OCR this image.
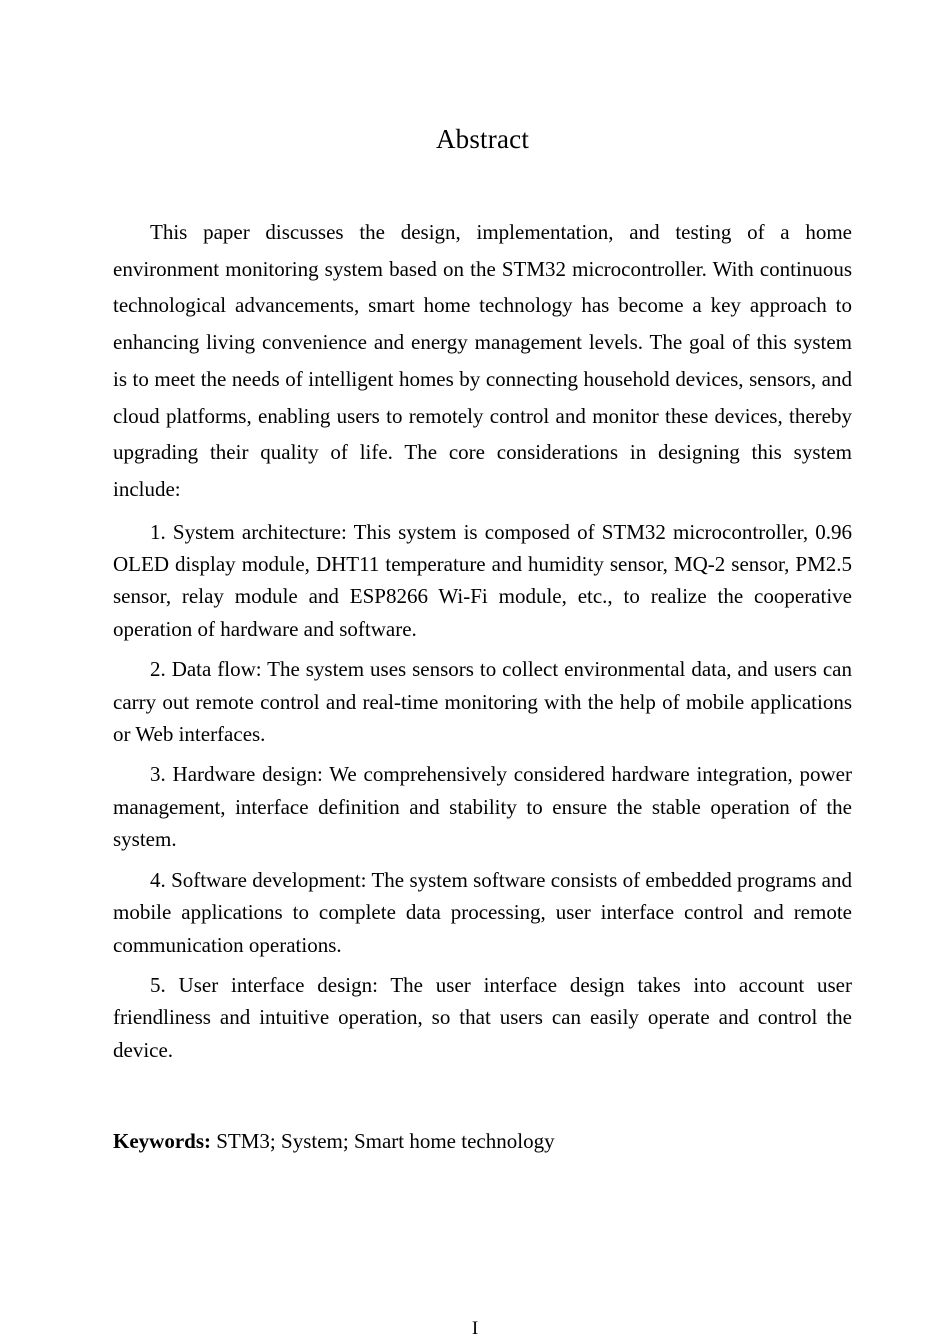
Abstract

This paper discusses the design, implementation, and testing of a home environment monitoring system based on the STM32 microcontroller. With continuous technological advancements, smart home technology has become a key approach to enhancing living convenience and energy management levels. The goal of this system is to meet the needs of intelligent homes by connecting household devices, sensors, and cloud platforms, enabling users to remotely control and monitor these devices, thereby upgrading their quality of life. The core considerations in designing this system include:

1. System architecture: This system is composed of STM32 microcontroller, 0.96 OLED display module, DHT11 temperature and humidity sensor, MQ-2 sensor, PM2.5 sensor, relay module and ESP8266 Wi-Fi module, etc., to realize the cooperative operation of hardware and software.

2. Data flow: The system uses sensors to collect environmental data, and users can carry out remote control and real-time monitoring with the help of mobile applications or Web interfaces.

3. Hardware design: We comprehensively considered hardware integration, power management, interface definition and stability to ensure the stable operation of the system.

4. Software development: The system software consists of embedded programs and mobile applications to complete data processing, user interface control and remote communication operations.

5. User interface design: The user interface design takes into account user friendliness and intuitive operation, so that users can easily operate and control the device.

Keywords: STM3; System; Smart home technology

I
